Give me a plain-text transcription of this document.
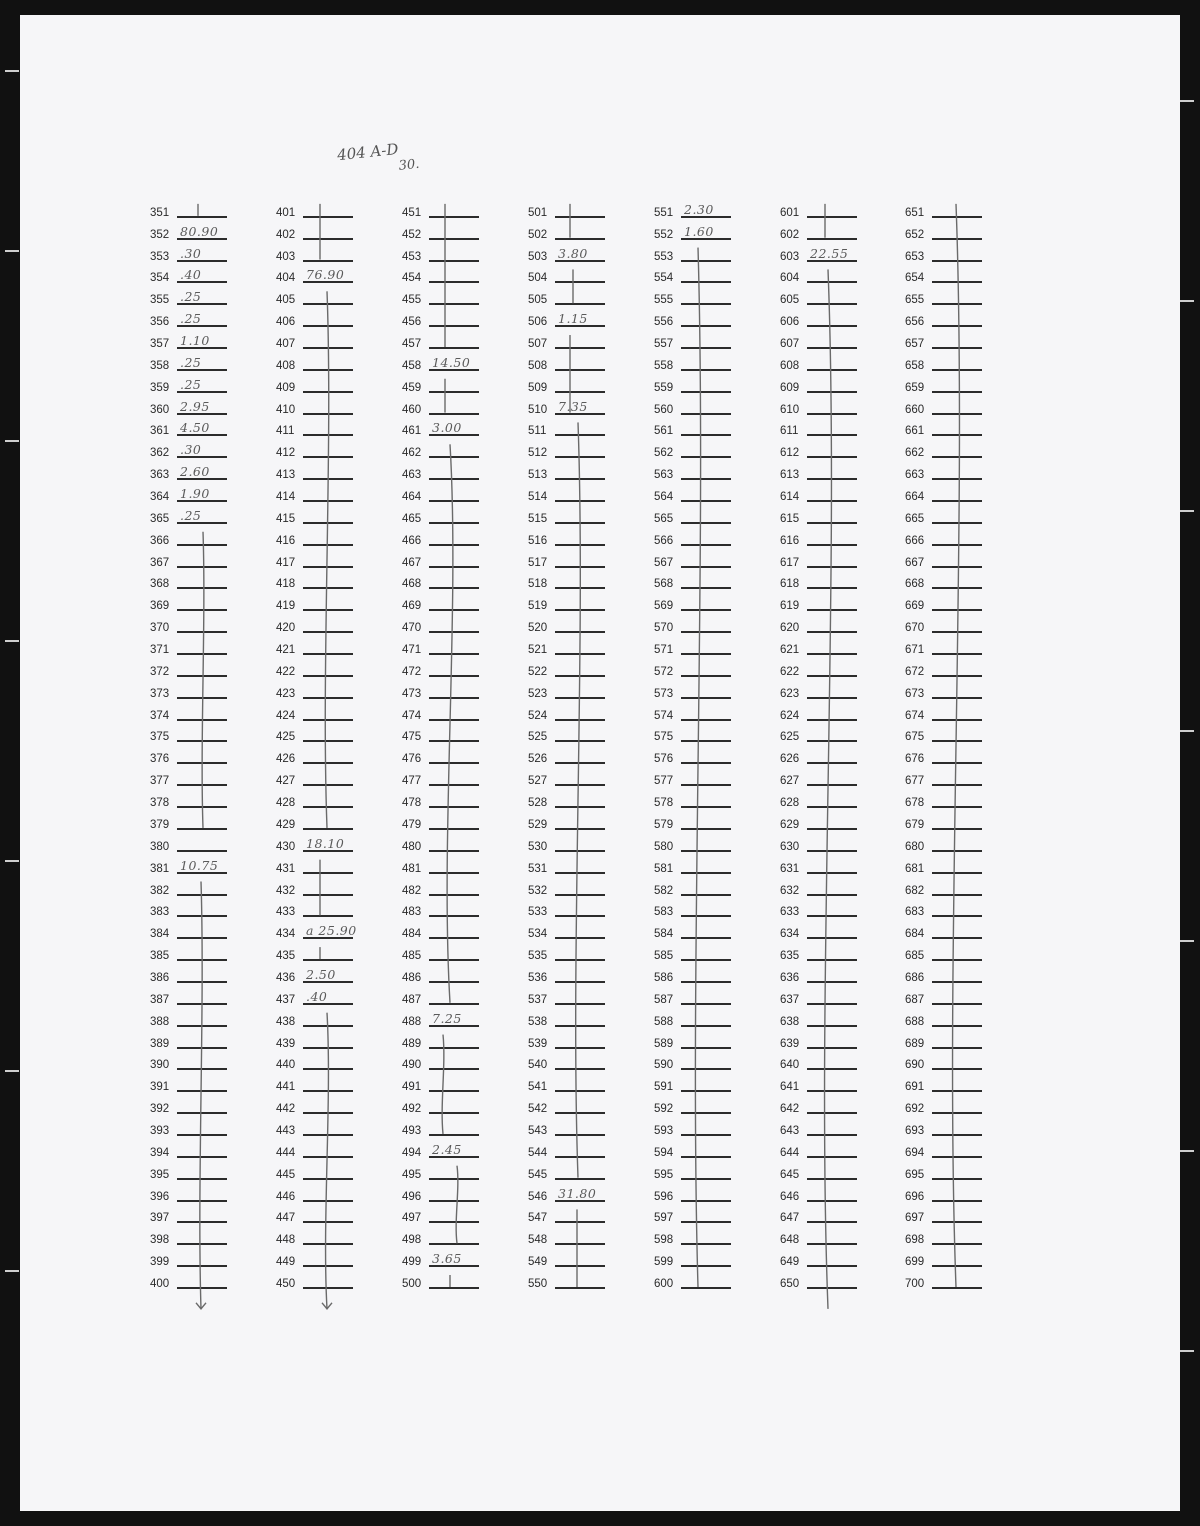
404 A-D
30.
351
352 80.90
353 .30
354 .40
355 .25
356 .25
357 1.10
358 .25
359 .25
360 2.95
361 4.50
362 .30
363 2.60
364 1.90
365 .25
366
367
368
369
370
371
372
373
374
375
376
377
378
379
380
381 10.75
382
383
384
385
386
387
388
389
390
391
392
393
394
395
396
397
398
399
400
401
402
403
404 76.90
405
406
407
408
409
410
411
412
413
414
415
416
417
418
419
420
421
422
423
424
425
426
427
428
429
430 18.10
431
432
433
434 a 25.90
435
436 2.50
437 .40
438
439
440
441
442
443
444
445
446
447
448
449
450
451
452
453
454
455
456
457
458 14.50
459
460
461 3.00
462
463
464
465
466
467
468
469
470
471
472
473
474
475
476
477
478
479
480
481
482
483
484
485
486
487
488 7.25
489
490
491
492
493
494 2.45
495
496
497
498
499 3.65
500
501
502
503 3.80
504
505
506 1.15
507
508
509
510 7.35
511
512
513
514
515
516
517
518
519
520
521
522
523
524
525
526
527
528
529
530
531
532
533
534
535
536
537
538
539
540
541
542
543
544
545
546 31.80
547
548
549
550
551 2.30
552 1.60
553
554
555
556
557
558
559
560
561
562
563
564
565
566
567
568
569
570
571
572
573
574
575
576
577
578
579
580
581
582
583
584
585
586
587
588
589
590
591
592
593
594
595
596
597
598
599
600
601
602
603 22.55
604
605
606
607
608
609
610
611
612
613
614
615
616
617
618
619
620
621
622
623
624
625
626
627
628
629
630
631
632
633
634
635
636
637
638
639
640
641
642
643
644
645
646
647
648
649
650
651
652
653
654
655
656
657
658
659
660
661
662
663
664
665
666
667
668
669
670
671
672
673
674
675
676
677
678
679
680
681
682
683
684
685
686
687
688
689
690
691
692
693
694
695
696
697
698
699
700
